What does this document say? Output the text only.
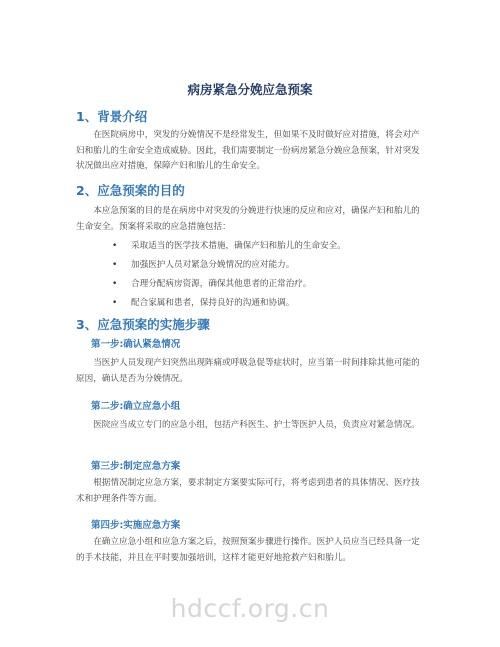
病房紧急分娩应急预案
1、背景介绍
在医院病房中，突发的分娩情况不是经常发生，但如果不及时做好应对措施，将会对产妇和胎儿的生命安全造成威胁。因此，我们需要制定一份病房紧急分娩应急预案，针对突发状况做出应对措施，保障产妇和胎儿的生命安全。
2、应急预案的目的
本应急预案的目的是在病房中对突发的分娩进行快速的反应和应对，确保产妇和胎儿的生命安全。预案将采取的应急措施包括：
• 采取适当的医学技术措施，确保产妇和胎儿的生命安全。
• 加强医护人员对紧急分娩情况的应对能力。
• 合理分配病房资源，确保其他患者的正常治疗。
• 配合家属和患者，保持良好的沟通和协调。
3、应急预案的实施步骤
第一步:确认紧急情况
当医护人员发现产妇突然出现阵痛或呼吸急促等症状时，应当第一时间排除其他可能的原因，确认是否为分娩情况。
第二步:确立应急小组
医院应当成立专门的应急小组，包括产科医生、护士等医护人员，负责应对紧急情况。
第三步:制定应急方案
根据情况制定应急方案，要求制定方案要实际可行，将考虑到患者的具体情况、医疗技术和护理条件等方面。
第四步:实施应急方案
在确立应急小组和应急方案之后，按照预案步骤进行操作。医护人员应当已经具备一定的手术技能，并且在平时要加强培训，这样才能更好地抢救产妇和胎儿。
hdccf.org.cn
